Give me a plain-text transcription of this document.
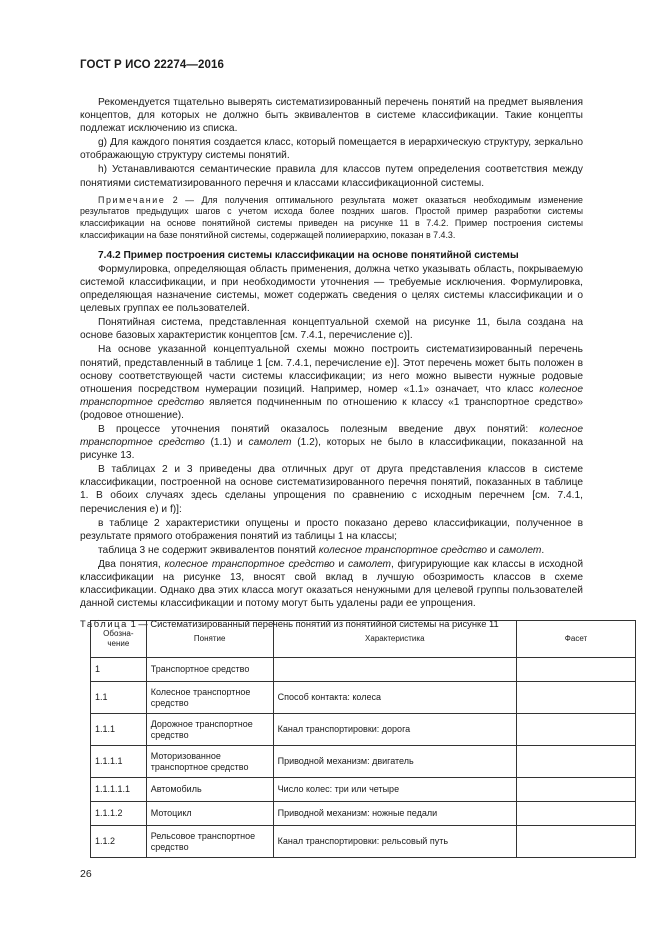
ГОСТ Р ИСО 22274—2016

Рекомендуется тщательно выверять систематизированный перечень понятий на предмет выявления концептов, для которых не должно быть эквивалентов в системе классификации. Такие концепты подлежат исключению из списка.

g) Для каждого понятия создается класс, который помещается в иерархическую структуру, зеркально отображающую структуру системы понятий.

h) Устанавливаются семантические правила для классов путем определения соответствия между понятиями систематизированного перечня и классами классификационной системы.

Примечание 2 — Для получения оптимального результата может оказаться необходимым изменение результатов предыдущих шагов с учетом исхода более поздних шагов. Простой пример разработки системы классификации на основе понятийной системы приведен на рисунке 11 в 7.4.2. Пример построения системы классификации на базе понятийной системы, содержащей полииерархию, показан в 7.4.3.

7.4.2 Пример построения системы классификации на основе понятийной системы

Формулировка, определяющая область применения, должна четко указывать область, покрываемую системой классификации, и при необходимости уточнения — требуемые исключения. Формулировка, определяющая назначение системы, может содержать сведения о целях системы классификации и о целевых группах ее пользователей.

Понятийная система, представленная концептуальной схемой на рисунке 11, была создана на основе базовых характеристик концептов [см. 7.4.1, перечисление с)].

На основе указанной концептуальной схемы можно построить систематизированный перечень понятий, представленный в таблице 1 [см. 7.4.1, перечисление е)]. Этот перечень может быть положен в основу соответствующей части системы классификации; из него можно вывести нужные родовые отношения посредством нумерации позиций. Например, номер «1.1» означает, что класс колесное транспортное средство является подчиненным по отношению к классу «1 транспортное средство» (родовое отношение).

В процессе уточнения понятий оказалось полезным введение двух понятий: колесное транспортное средство (1.1) и самолет (1.2), которых не было в классификации, показанной на рисунке 13.

В таблицах 2 и 3 приведены два отличных друг от друга представления классов в системе классификации, построенной на основе систематизированного перечня понятий, показанных в таблице 1. В обоих случаях здесь сделаны упрощения по сравнению с исходным перечнем [см. 7.4.1, перечисления е) и f)]:

в таблице 2 характеристики опущены и просто показано дерево классификации, полученное в результате прямого отображения понятий из таблицы 1 на классы;

таблица 3 не содержит эквивалентов понятий колесное транспортное средство и самолет.

Два понятия, колесное транспортное средство и самолет, фигурирующие как классы в исходной классификации на рисунке 13, вносят свой вклад в лучшую обозримость классов в схеме классификации. Однако два этих класса могут оказаться ненужными для целевой группы пользователей данной системы классификации и потому могут быть удалены ради ее упрощения.

Таблица 1 — Систематизированный перечень понятий из понятийной системы на рисунке 11

Обозна-чение	Понятие	Характеристика	Фасет
1	Транспортное средство		
1.1	Колесное транспортное средство	Способ контакта: колеса	
1.1.1	Дорожное транспортное средство	Канал транспортировки: дорога	
1.1.1.1	Моторизованное транспортное средство	Приводной механизм: двигатель	
1.1.1.1.1	Автомобиль	Число колес: три или четыре	
1.1.1.2	Мотоцикл	Приводной механизм: ножные педали	
1.1.2	Рельсовое транспортное средство	Канал транспортировки: рельсовый путь	
26
